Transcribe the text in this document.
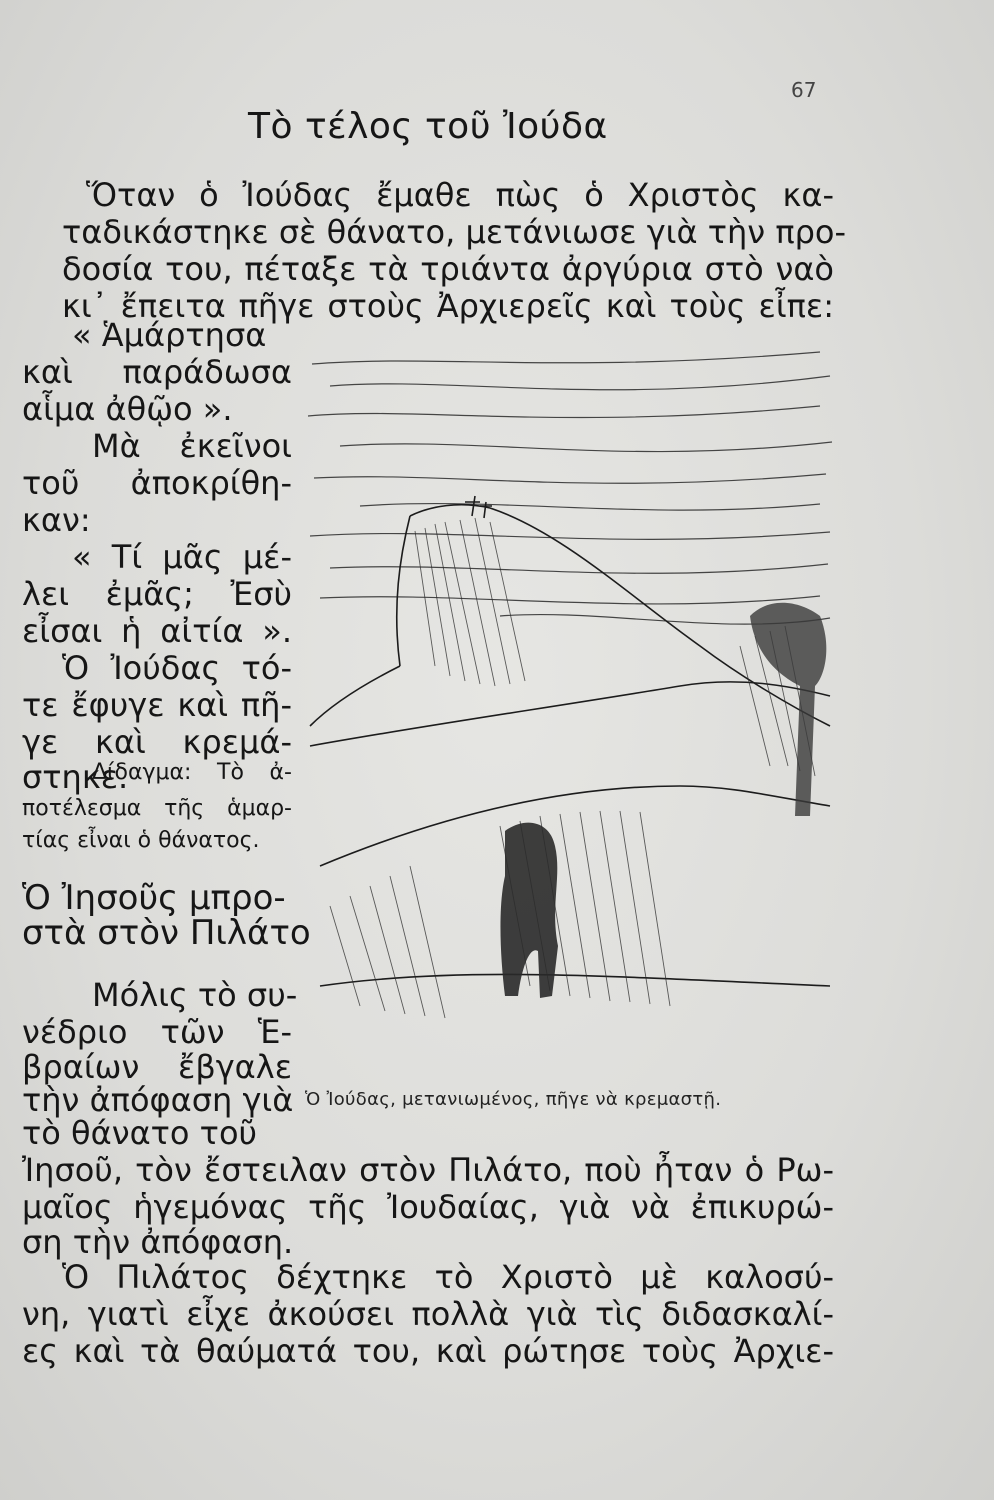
67
Τὸ τέλος τοῦ Ἰούδα
Ὅταν ὁ Ἰούδας ἔμαθε πὼς ὁ Χριστὸς κα-
ταδικάστηκε σὲ θάνατο, μετάνιωσε γιὰ τὴν προ-
δοσία του, πέταξε τὰ τριάντα ἀργύρια στὸ ναὸ
κι᾿ ἔπειτα πῆγε στοὺς Ἀρχιερεῖς καὶ τοὺς εἶπε:
« Ἁμάρτησα
καὶ παράδωσα
αἷμα ἀθῷο ».
Μὰ ἐκεῖνοι
τοῦ ἀποκρίθη-
καν:
« Τί μᾶς μέ-
λει ἐμᾶς; Ἐσὺ
εἶσαι ἡ αἰτία ».
Ὁ Ἰούδας τό-
τε ἔφυγε καὶ πῆ-
γε καὶ κρεμά-
στηκε.
Δίδαγμα: Τὸ ἀ-
ποτέλεσμα τῆς ἁμαρ-
τίας εἶναι ὁ θάνατος.
Ὁ Ἰησοῦς μπρο-
στὰ στὸν Πιλάτο
Μόλις τὸ συ-
νέδριο τῶν Ἑ-
βραίων ἔβγαλε
τὴν ἀπόφαση γιὰ
τὸ θάνατο τοῦ
Ἰησοῦ, τὸν ἔστειλαν στὸν Πιλάτο, ποὺ ἦταν ὁ Ρω-
μαῖος ἡγεμόνας τῆς Ἰουδαίας, γιὰ νὰ ἐπικυρώ-
ση τὴν ἀπόφαση.
Ὁ Πιλάτος δέχτηκε τὸ Χριστὸ μὲ καλοσύ-
νη, γιατὶ εἶχε ἀκούσει πολλὰ γιὰ τὶς διδασκαλί-
ες καὶ τὰ θαύματά του, καὶ ρώτησε τοὺς Ἀρχιε-
Ὁ Ἰούδας, μετανιωμένος, πῆγε νὰ κρεμαστῇ.
